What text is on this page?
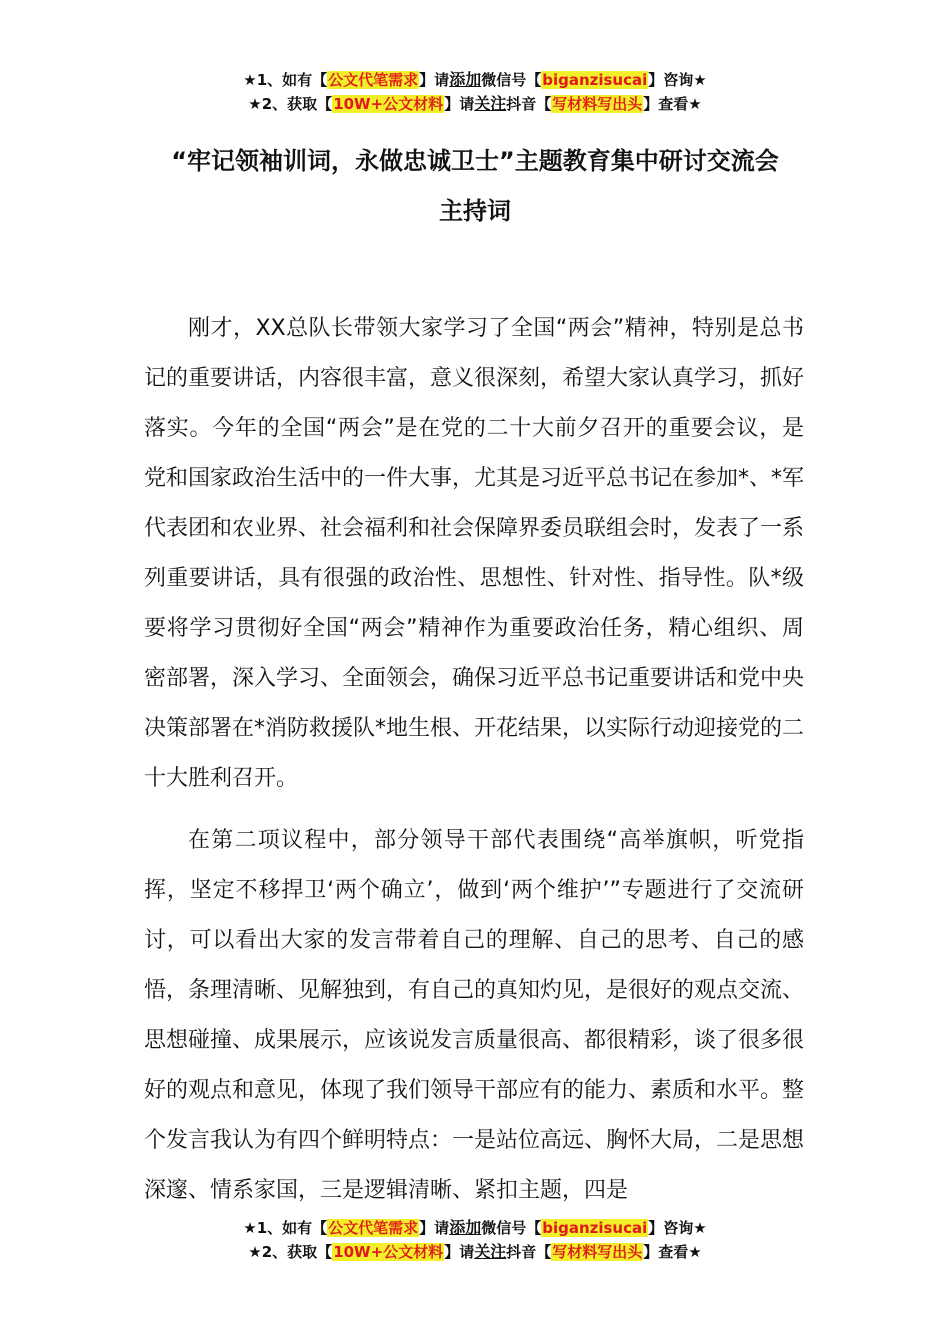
★1、如有【公文代笔需求】请添加微信号【biganzisucai】咨询★
★2、获取【10W+公文材料】请关注抖音【写材料写出头】查看★
“牢记领袖训词，永做忠诚卫士”主题教育集中研讨交流会
主持词

刚才，XX总队长带领大家学习了全国“两会”精神，特别是总书记的重要讲话，内容很丰富，意义很深刻，希望大家认真学习，抓好落实。今年的全国“两会”是在党的二十大前夕召开的重要会议，是党和国家政治生活中的一件大事，尤其是习近平总书记在参加*、*军代表团和农业界、社会福利和社会保障界委员联组会时，发表了一系列重要讲话，具有很强的政治性、思想性、针对性、指导性。队*级要将学习贯彻好全国“两会”精神作为重要政治任务，精心组织、周密部署，深入学习、全面领会，确保习近平总书记重要讲话和党中央决策部署在*消防救援队*地生根、开花结果，以实际行动迎接党的二十大胜利召开。

在第二项议程中，部分领导干部代表围绕“高举旗帜，听党指挥，坚定不移捍卫‘两个确立’，做到‘两个维护’”专题进行了交流研讨，可以看出大家的发言带着自己的理解、自己的思考、自己的感悟，条理清晰、见解独到，有自己的真知灼见，是很好的观点交流、思想碰撞、成果展示，应该说发言质量很高、都很精彩，谈了很多很好的观点和意见，体现了我们领导干部应有的能力、素质和水平。整个发言我认为有四个鲜明特点：一是站位高远、胸怀大局，二是思想深邃、情系家国，三是逻辑清晰、紧扣主题，四是

★1、如有【公文代笔需求】请添加微信号【biganzisucai】咨询★
★2、获取【10W+公文材料】请关注抖音【写材料写出头】查看★
